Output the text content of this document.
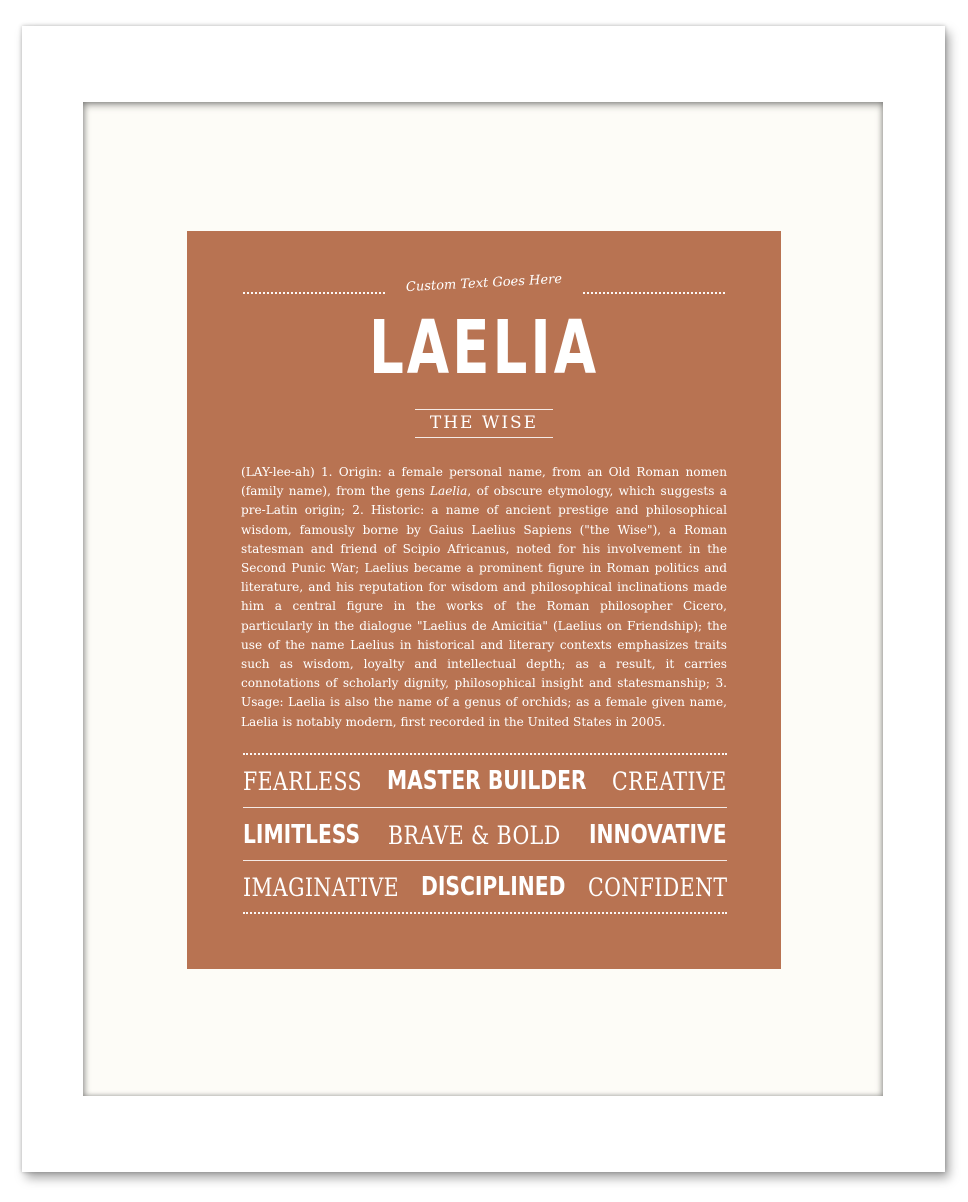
Custom Text Goes Here
LAELIA
THE WISE
(LAY-lee-ah) 1. Origin: a female personal name, from an Old Roman nomen (family name), from the gens Laelia, of obscure etymology, which suggests a pre-Latin origin; 2. Historic: a name of ancient prestige and philosophical wisdom, famously borne by Gaius Laelius Sapiens ("the Wise"), a Roman statesman and friend of Scipio Africanus, noted for his involvement in the Second Punic War; Laelius became a prominent figure in Roman politics and literature, and his reputation for wisdom and philosophical inclinations made him a central figure in the works of the Roman philosopher Cicero, particularly in the dialogue "Laelius de Amicitia" (Laelius on Friendship); the use of the name Laelius in historical and literary contexts emphasizes traits such as wisdom, loyalty and intellectual depth; as a result, it carries connotations of scholarly dignity, philosophical insight and statesmanship; 3. Usage: Laelia is also the name of a genus of orchids; as a female given name, Laelia is notably modern, first recorded in the United States in 2005.
FEARLESS MASTER BUILDER CREATIVE
LIMITLESS BRAVE & BOLD INNOVATIVE
IMAGINATIVE DISCIPLINED CONFIDENT
